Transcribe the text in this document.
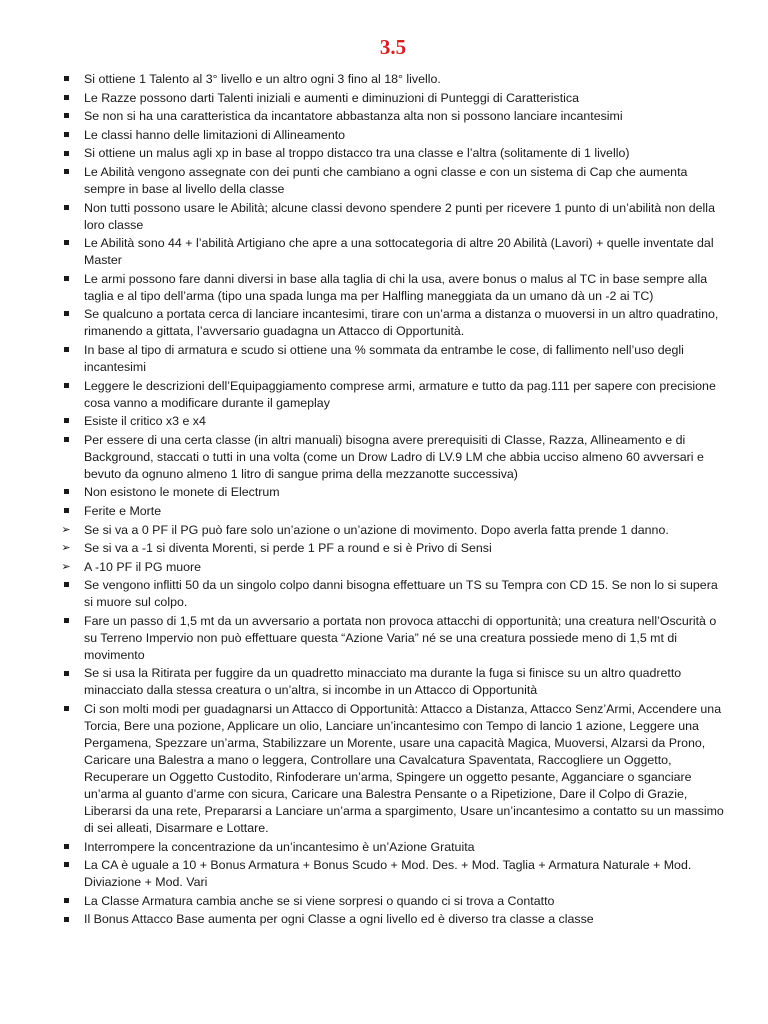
3.5
Si ottiene 1 Talento al 3° livello e un altro ogni 3 fino al 18° livello.
Le Razze possono darti Talenti iniziali e aumenti e diminuzioni di Punteggi di Caratteristica
Se non si ha una caratteristica da incantatore abbastanza alta non si possono lanciare incantesimi
Le classi hanno delle limitazioni di Allineamento
Si ottiene un malus agli xp in base al troppo distacco tra una classe e l’altra (solitamente di 1 livello)
Le Abilità vengono assegnate con dei punti che cambiano a ogni classe e con un sistema di Cap che aumenta sempre in base al livello della classe
Non tutti possono usare le Abilità; alcune classi devono spendere 2 punti per ricevere 1 punto di un’abilità non della loro classe
Le Abilità sono 44 + l’abilità Artigiano che apre a una sottocategoria di altre 20 Abilità (Lavori) + quelle inventate dal Master
Le armi possono fare danni diversi in base alla taglia di chi la usa, avere bonus o malus al TC in base sempre alla taglia e al tipo dell’arma (tipo una spada lunga ma per Halfling maneggiata da un umano dà un -2 ai TC)
Se qualcuno a portata cerca di lanciare incantesimi, tirare con un’arma a distanza o muoversi in un altro quadratino, rimanendo a gittata, l’avversario guadagna un Attacco di Opportunità.
In base al tipo di armatura e scudo si ottiene una % sommata da entrambe le cose, di fallimento nell’uso degli incantesimi
Leggere le descrizioni dell’Equipaggiamento comprese armi, armature e tutto da pag.111 per sapere con precisione cosa vanno a modificare durante il gameplay
Esiste il critico x3 e x4
Per essere di una certa classe (in altri manuali) bisogna avere prerequisiti di Classe, Razza, Allineamento e di Background, staccati o tutti in una volta (come un Drow Ladro di LV.9 LM che abbia ucciso almeno 60 avversari e bevuto da ognuno almeno 1 litro di sangue prima della mezzanotte successiva)
Non esistono le monete di Electrum
Ferite e Morte
➢ Se si va a 0 PF il PG può fare solo un’azione o un’azione di movimento. Dopo averla fatta prende 1 danno.
➢ Se si va a -1 si diventa Morenti, si perde 1 PF a round e si è Privo di Sensi
➢ A -10 PF il PG muore
Se vengono inflitti 50 da un singolo colpo danni bisogna effettuare un TS su Tempra con CD 15. Se non lo si supera si muore sul colpo.
Fare un passo di 1,5 mt da un avversario a portata non provoca attacchi di opportunità; una creatura nell’Oscurità o su Terreno Impervio non può effettuare questa “Azione Varia” né se una creatura possiede meno di 1,5 mt di movimento
Se si usa la Ritirata per fuggire da un quadretto minacciato ma durante la fuga si finisce su un altro quadretto minacciato dalla stessa creatura o un’altra, si incombe in un Attacco di Opportunità
Ci son molti modi per guadagnarsi un Attacco di Opportunità: Attacco a Distanza, Attacco Senz’Armi, Accendere una Torcia, Bere una pozione, Applicare un olio, Lanciare un’incantesimo con Tempo di lancio 1 azione, Leggere una Pergamena, Spezzare un’arma, Stabilizzare un Morente, usare una capacità Magica, Muoversi, Alzarsi da Prono, Caricare una Balestra a mano o leggera, Controllare una Cavalcatura Spaventata, Raccogliere un Oggetto, Recuperare un Oggetto Custodito, Rinfoderare un’arma, Spingere un oggetto pesante, Agganciare o sganciare un’arma al guanto d’arme con sicura, Caricare una Balestra Pensante o a Ripetizione, Dare il Colpo di Grazie, Liberarsi da una rete, Prepararsi a Lanciare un’arma a spargimento, Usare un’incantesimo a contatto su un massimo di sei alleati, Disarmare e Lottare.
Interrompere la concentrazione da un’incantesimo è un’Azione Gratuita
La CA è uguale a 10 + Bonus Armatura + Bonus Scudo + Mod. Des. + Mod. Taglia + Armatura Naturale + Mod. Diviazione + Mod. Vari
La Classe Armatura cambia anche se si viene sorpresi o quando ci si trova a Contatto
Il Bonus Attacco Base aumenta per ogni Classe a ogni livello ed è diverso tra classe a classe
